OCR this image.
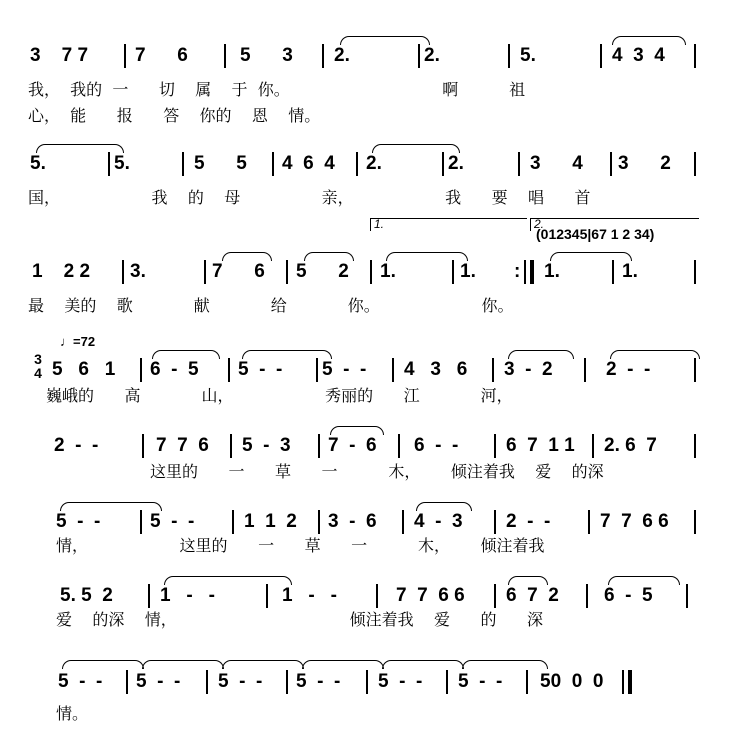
3    7 7 7      6	5      3 2.	2.	5.	4  3  4
我，  我的  一      切    属    于  你。                              啊          祖
心，  能      报      答    你的    恩    情。
5.	5.	5      5 4  6  4 2.	2.	3      4 3      2
国，                  我    的    母                亲，                  我      要    唱      首
1.	2.
(012345|67 1 2 34)
1    2 2 3.	7      6 5      2 1.	1. : 1.	1.
最    美的    歌            献            给            你。                    你。
♩=72
3
4 5   6   1 6  -  5 5  -  - 5  -  - 4   3   6 3  -  2	2  -  -
巍峨的      高            山，                  秀丽的      江            河，
2  -  -	7  7  6 5  -  3 7  -  6 6  -  -	6  7  1 1 2. 6  7
这里的      一      草      一          木，      倾注着我    爱    的深
5  -  -	5  -  -	1  1  2 3  -  6 4  -  3 2  -  -	7  7  6 6
情，                  这里的      一      草      一          木，      倾注着我
5. 5  2 1   -   -	1   -   -	7  7  6 6 6  7  2 6  -  5
爱    的深    情，                                  倾注着我    爱      的      深
5  -  - 5  -  - 5  -  - 5  -  - 5  -  - 5  -  - 50  0  0
情。
